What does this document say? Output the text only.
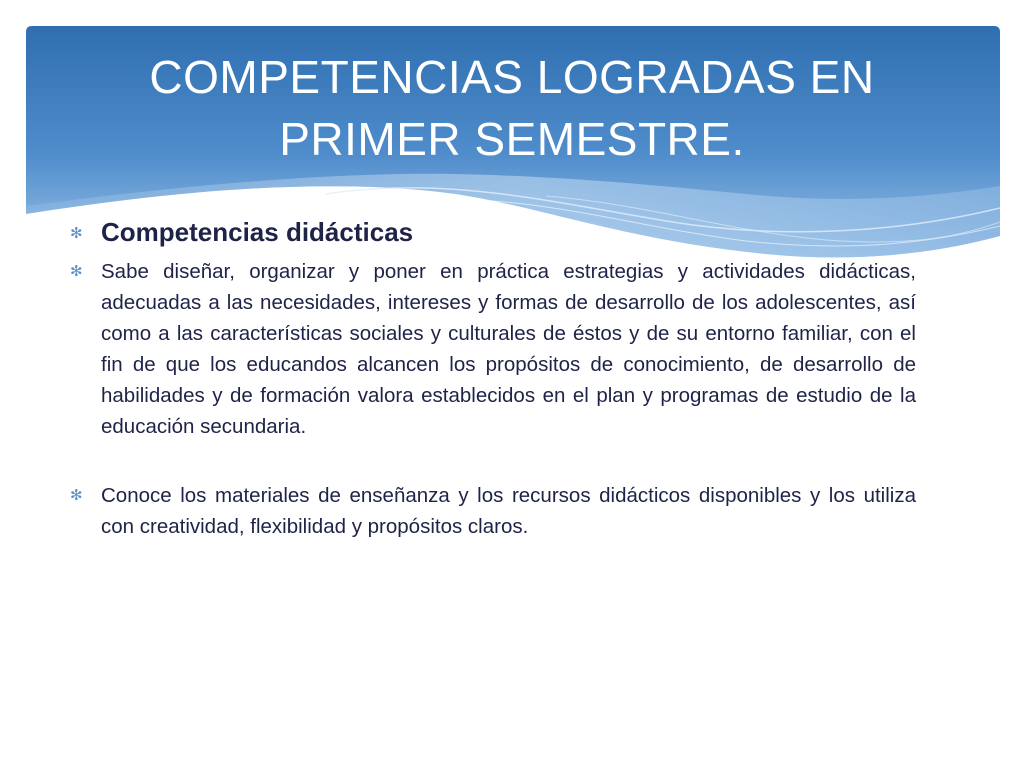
COMPETENCIAS LOGRADAS EN
PRIMER SEMESTRE.
✻ Competencias didácticas
✻ Sabe diseñar, organizar y poner en práctica estrategias y actividades didácticas, adecuadas a las necesidades, intereses y formas de desarrollo de los adolescentes, así como a las características sociales y culturales de éstos y de su entorno familiar, con el fin de que los educandos alcancen los propósitos de conocimiento, de desarrollo de habilidades y de formación valora establecidos en el plan y programas de estudio de la educación secundaria.
✻ Conoce los materiales de enseñanza y los recursos didácticos disponibles y los utiliza con creatividad, flexibilidad y propósitos claros.
